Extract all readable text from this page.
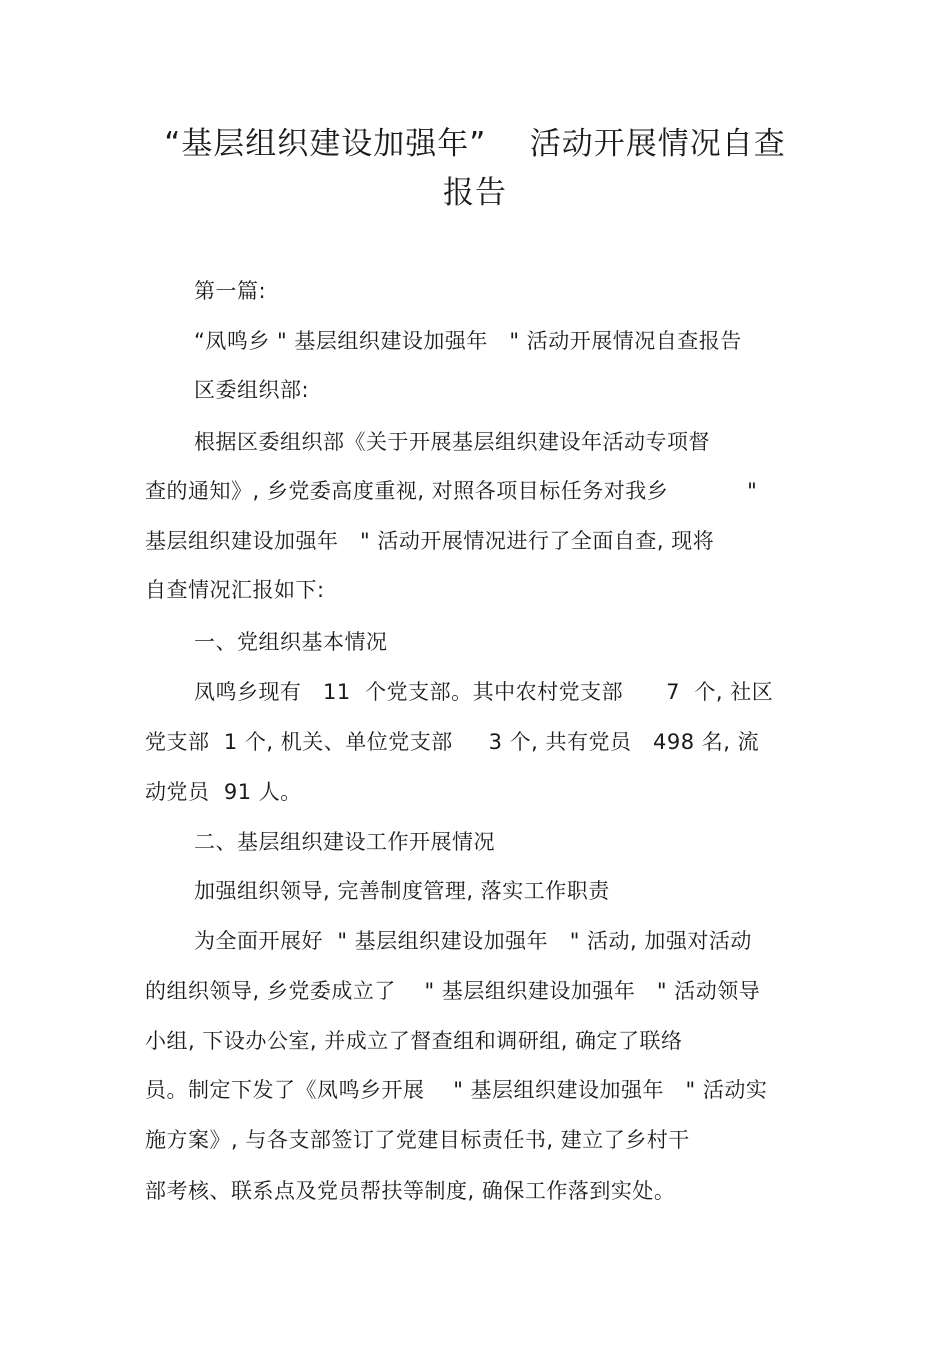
“基层组织建设加强年”    活动开展情况自查
报告
第一篇:
“凤鸣乡 " 基层组织建设加强年   " 活动开展情况自查报告
区委组织部:
根据区委组织部《关于开展基层组织建设年活动专项督
查的通知》, 乡党委高度重视, 对照各项目标任务对我乡           "
基层组织建设加强年   " 活动开展情况进行了全面自查, 现将
自查情况汇报如下:
一、党组织基本情况
凤鸣乡现有   11  个党支部。其中农村党支部      7  个, 社区
党支部  1 个, 机关、单位党支部     3 个, 共有党员   498 名, 流
动党员  91 人。
二、基层组织建设工作开展情况
加强组织领导, 完善制度管理, 落实工作职责
为全面开展好  " 基层组织建设加强年   " 活动, 加强对活动
的组织领导, 乡党委成立了    " 基层组织建设加强年   " 活动领导
小组, 下设办公室, 并成立了督查组和调研组, 确定了联络
员。制定下发了《凤鸣乡开展    " 基层组织建设加强年   " 活动实
施方案》, 与各支部签订了党建目标责任书, 建立了乡村干
部考核、联系点及党员帮扶等制度, 确保工作落到实处。
